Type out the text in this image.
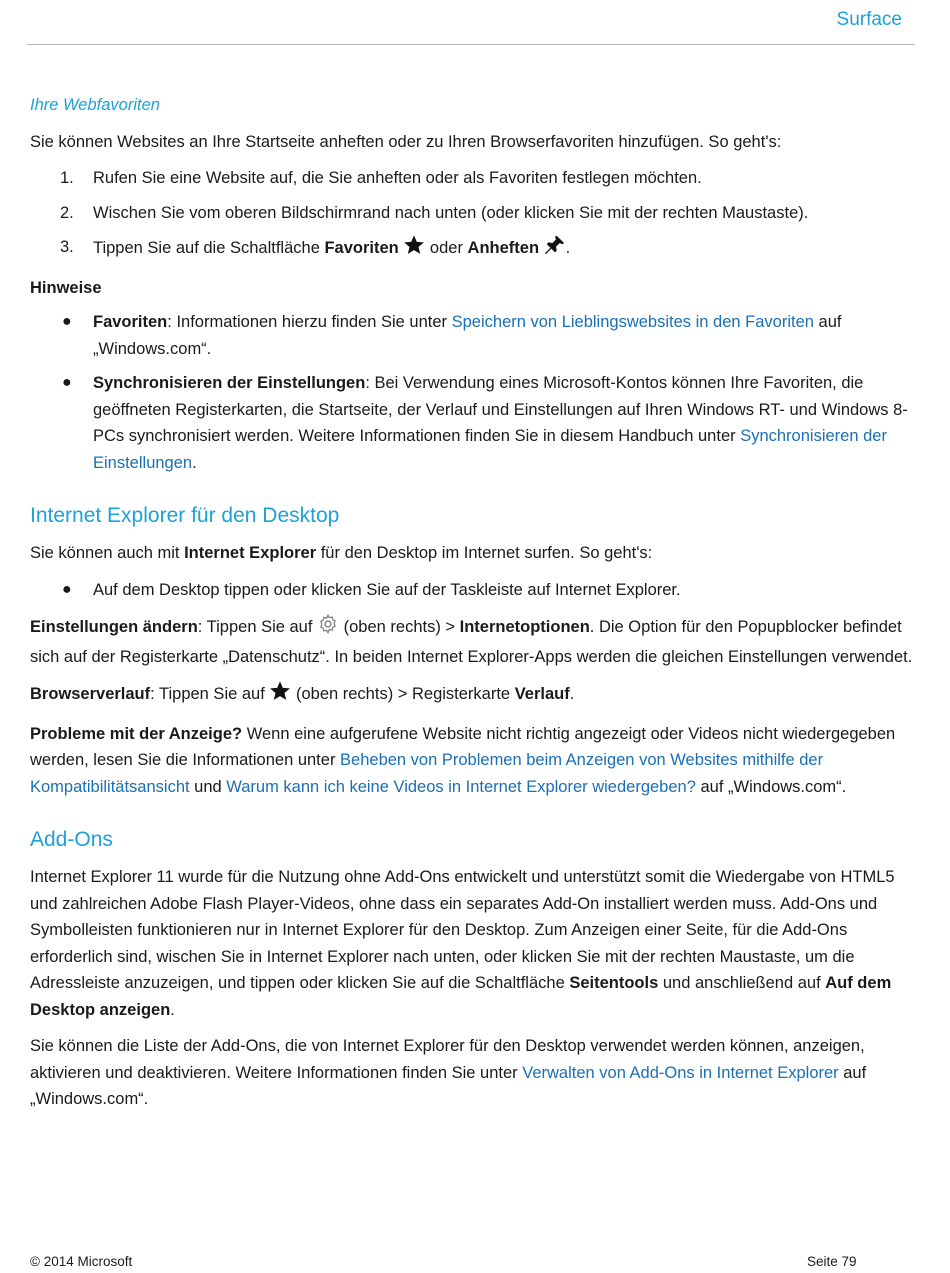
Surface
Ihre Webfavoriten

Sie können Websites an Ihre Startseite anheften oder zu Ihren Browserfavoriten hinzufügen. So geht's:

1. Rufen Sie eine Website auf, die Sie anheften oder als Favoriten festlegen möchten.
2. Wischen Sie vom oberen Bildschirmrand nach unten (oder klicken Sie mit der rechten Maustaste).
3. Tippen Sie auf die Schaltfläche Favoriten  oder Anheften .

Hinweise

● Favoriten: Informationen hierzu finden Sie unter Speichern von Lieblingswebsites in den Favoriten auf „Windows.com“.
● Synchronisieren der Einstellungen: Bei Verwendung eines Microsoft-Kontos können Ihre Favoriten, die geöffneten Registerkarten, die Startseite, der Verlauf und Einstellungen auf Ihren Windows RT- und Windows 8-PCs synchronisiert werden. Weitere Informationen finden Sie in diesem Handbuch unter Synchronisieren der Einstellungen.
Internet Explorer für den Desktop

Sie können auch mit Internet Explorer für den Desktop im Internet surfen. So geht's:

● Auf dem Desktop tippen oder klicken Sie auf der Taskleiste auf Internet Explorer.

Einstellungen ändern: Tippen Sie auf  (oben rechts) > Internetoptionen. Die Option für den Popupblocker befindet sich auf der Registerkarte „Datenschutz“. In beiden Internet Explorer-Apps werden die gleichen Einstellungen verwendet.

Browserverlauf: Tippen Sie auf  (oben rechts) > Registerkarte Verlauf.

Probleme mit der Anzeige? Wenn eine aufgerufene Website nicht richtig angezeigt oder Videos nicht wiedergegeben werden, lesen Sie die Informationen unter Beheben von Problemen beim Anzeigen von Websites mithilfe der Kompatibilitätsansicht und Warum kann ich keine Videos in Internet Explorer wiedergeben? auf „Windows.com“.

Add-Ons

Internet Explorer 11 wurde für die Nutzung ohne Add-Ons entwickelt und unterstützt somit die Wiedergabe von HTML5 und zahlreichen Adobe Flash Player-Videos, ohne dass ein separates Add-On installiert werden muss. Add-Ons und Symbolleisten funktionieren nur in Internet Explorer für den Desktop. Zum Anzeigen einer Seite, für die Add-Ons erforderlich sind, wischen Sie in Internet Explorer nach unten, oder klicken Sie mit der rechten Maustaste, um die Adressleiste anzuzeigen, und tippen oder klicken Sie auf die Schaltfläche Seitentools und anschließend auf Auf dem Desktop anzeigen.

Sie können die Liste der Add-Ons, die von Internet Explorer für den Desktop verwendet werden können, anzeigen, aktivieren und deaktivieren. Weitere Informationen finden Sie unter Verwalten von Add-Ons in Internet Explorer auf „Windows.com“.

© 2014 Microsoft	Seite 79
